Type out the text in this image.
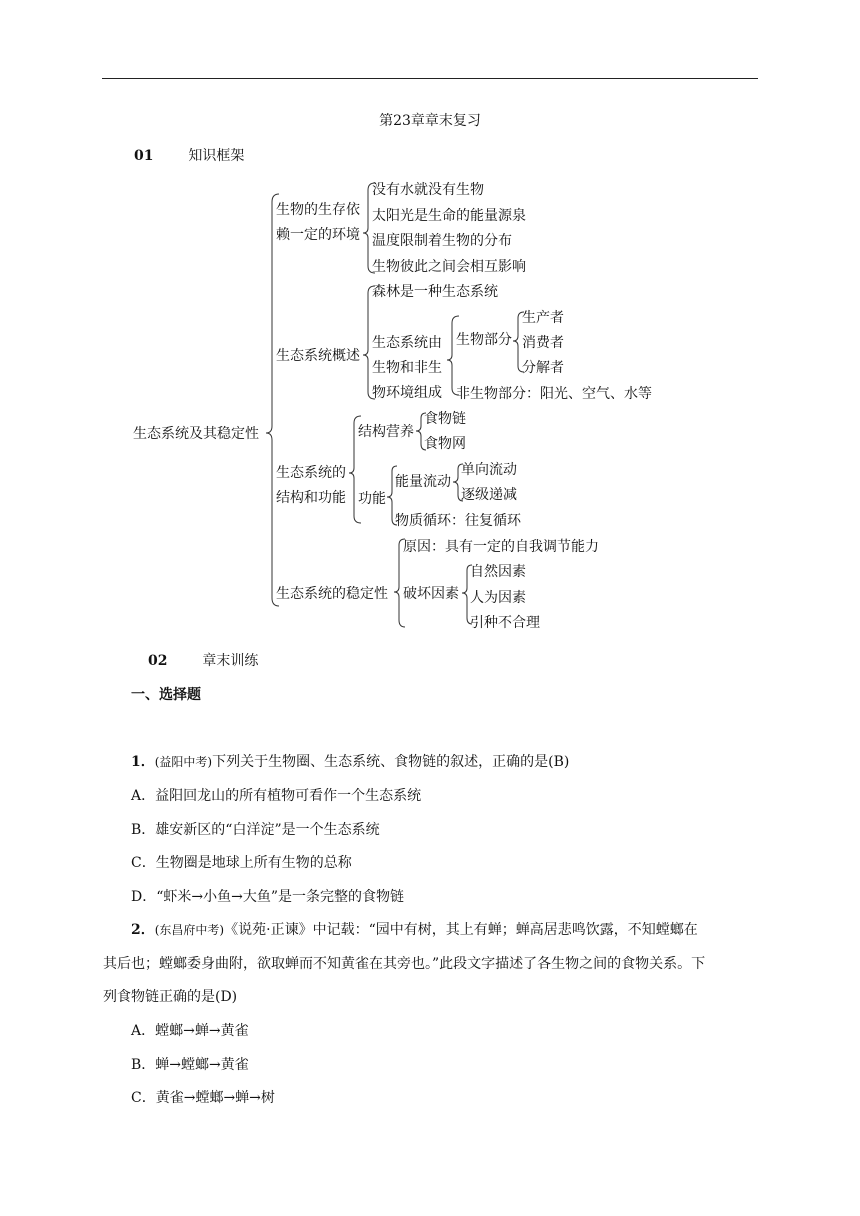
第23章章末复习
01 知识框架
生态系统及其稳定性
生物的生存依
赖一定的环境
没有水就没有生物
太阳光是生命的能量源泉
温度限制着生物的分布
生物彼此之间会相互影响
生态系统概述
森林是一种生态系统
生态系统由
生物和非生
物环境组成
生物部分
生产者
消费者
分解者
非生物部分：阳光、空气、水等
生态系统的
结构和功能
结构营养
食物链
食物网
功能
能量流动
单向流动
逐级递减
物质循环：往复循环
生态系统的稳定性
原因：具有一定的自我调节能力
破坏因素
自然因素
人为因素
引种不合理
02 章末训练
一、选择题
1．(益阳中考)下列关于生物圈、生态系统、食物链的叙述，正确的是(B)
A．益阳回龙山的所有植物可看作一个生态系统
B．雄安新区的“白洋淀”是一个生态系统
C．生物圈是地球上所有生物的总称
D．“虾米→小鱼→大鱼”是一条完整的食物链
2．(东昌府中考)《说苑·正谏》中记载：“园中有树，其上有蝉；蝉高居悲鸣饮露，不知螳螂在
其后也；螳螂委身曲附，欲取蝉而不知黄雀在其旁也。”此段文字描述了各生物之间的食物关系。下
列食物链正确的是(D)
A．螳螂→蝉→黄雀
B．蝉→螳螂→黄雀
C．黄雀→螳螂→蝉→树
